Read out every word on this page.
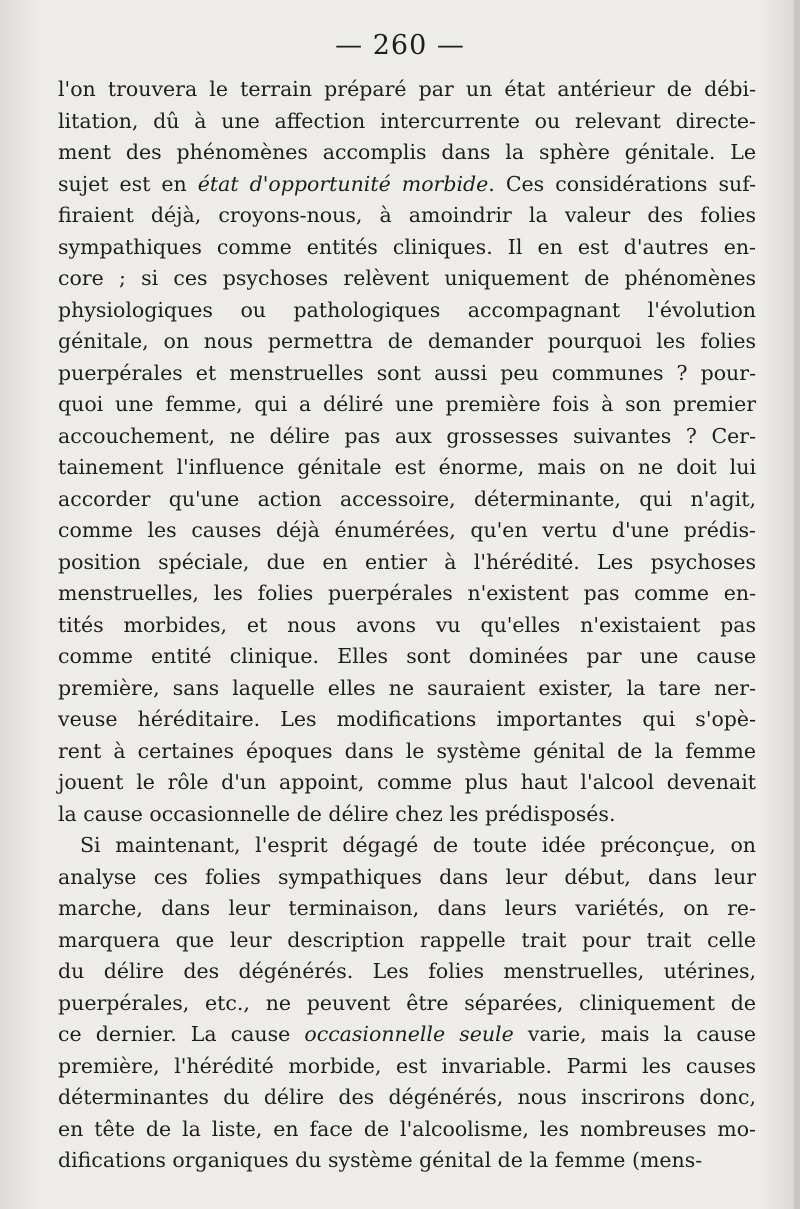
— 260 —
l'on trouvera le terrain préparé par un état antérieur de débi-
litation, dû à une affection intercurrente ou relevant directe-
ment des phénomènes accomplis dans la sphère génitale. Le
sujet est en état d'opportunité morbide. Ces considérations suf-
firaient déjà, croyons-nous, à amoindrir la valeur des folies
sympathiques comme entités cliniques. Il en est d'autres en-
core ; si ces psychoses relèvent uniquement de phénomènes
physiologiques ou pathologiques accompagnant l'évolution
génitale, on nous permettra de demander pourquoi les folies
puerpérales et menstruelles sont aussi peu communes ? pour-
quoi une femme, qui a déliré une première fois à son premier
accouchement, ne délire pas aux grossesses suivantes ? Cer-
tainement l'influence génitale est énorme, mais on ne doit lui
accorder qu'une action accessoire, déterminante, qui n'agit,
comme les causes déjà énumérées, qu'en vertu d'une prédis-
position spéciale, due en entier à l'hérédité. Les psychoses
menstruelles, les folies puerpérales n'existent pas comme en-
tités morbides, et nous avons vu qu'elles n'existaient pas
comme entité clinique. Elles sont dominées par une cause
première, sans laquelle elles ne sauraient exister, la tare ner-
veuse héréditaire. Les modifications importantes qui s'opè-
rent à certaines époques dans le système génital de la femme
jouent le rôle d'un appoint, comme plus haut l'alcool devenait
la cause occasionnelle de délire chez les prédisposés.
Si maintenant, l'esprit dégagé de toute idée préconçue, on
analyse ces folies sympathiques dans leur début, dans leur
marche, dans leur terminaison, dans leurs variétés, on re-
marquera que leur description rappelle trait pour trait celle
du délire des dégénérés. Les folies menstruelles, utérines,
puerpérales, etc., ne peuvent être séparées, cliniquement de
ce dernier. La cause occasionnelle seule varie, mais la cause
première, l'hérédité morbide, est invariable. Parmi les causes
déterminantes du délire des dégénérés, nous inscrirons donc,
en tête de la liste, en face de l'alcoolisme, les nombreuses mo-
difications organiques du système génital de la femme (mens-
